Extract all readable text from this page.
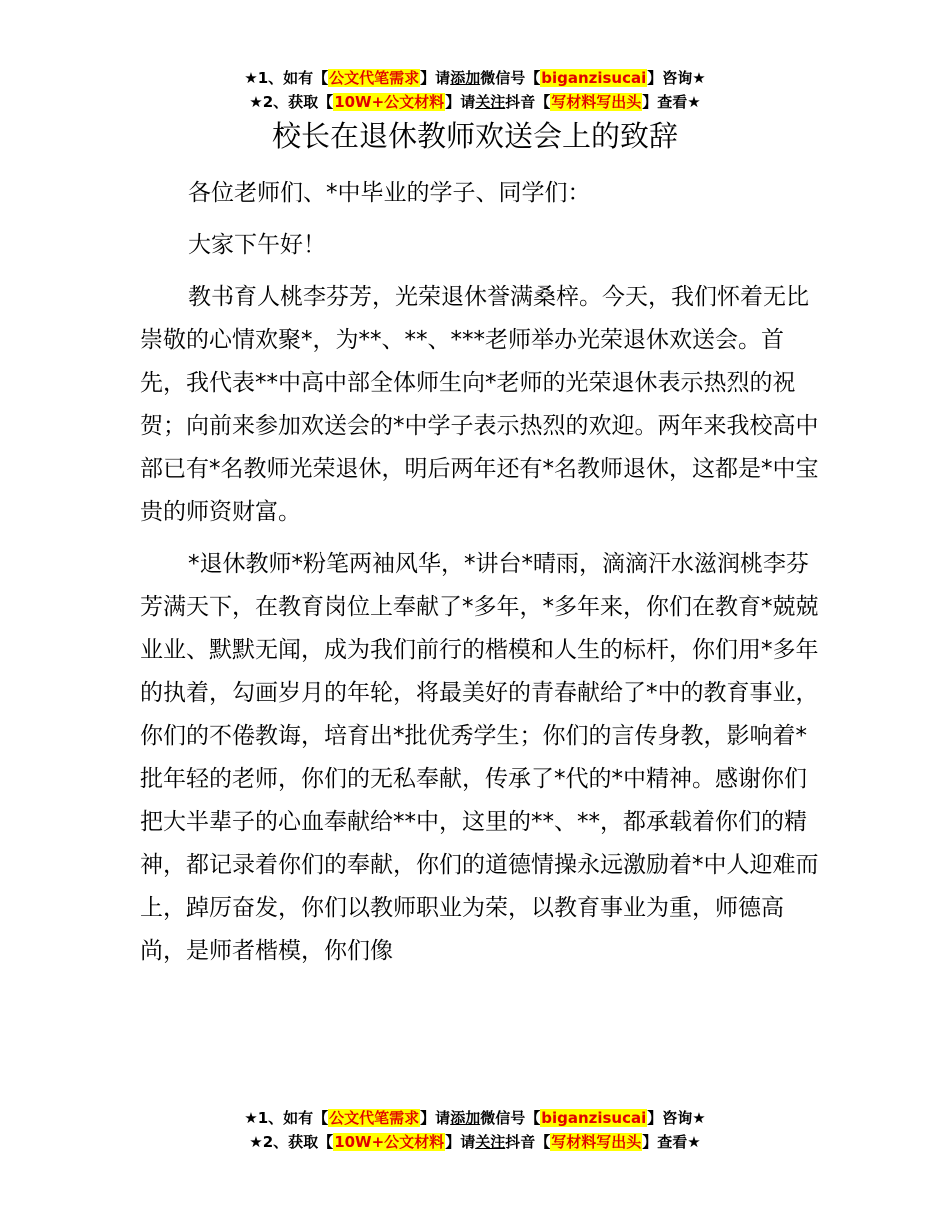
★1、如有【公文代笔需求】请添加微信号【biganzisucai】咨询★
★2、获取【10W+公文材料】请关注抖音【写材料写出头】查看★
校长在退休教师欢送会上的致辞

各位老师们、*中毕业的学子、同学们：

大家下午好！

教书育人桃李芬芳，光荣退休誉满桑梓。今天，我们怀着无比崇敬的心情欢聚*，为**、**、***老师举办光荣退休欢送会。首先，我代表**中高中部全体师生向*老师的光荣退休表示热烈的祝贺；向前来参加欢送会的*中学子表示热烈的欢迎。两年来我校高中部已有*名教师光荣退休，明后两年还有*名教师退休，这都是*中宝贵的师资财富。

*退休教师*粉笔两袖风华，*讲台*晴雨，滴滴汗水滋润桃李芬芳满天下，在教育岗位上奉献了*多年，*多年来，你们在教育*兢兢业业、默默无闻，成为我们前行的楷模和人生的标杆，你们用*多年的执着，勾画岁月的年轮，将最美好的青春献给了*中的教育事业，你们的不倦教诲，培育出*批优秀学生；你们的言传身教，影响着*批年轻的老师，你们的无私奉献，传承了*代的*中精神。感谢你们把大半辈子的心血奉献给**中，这里的**、**，都承载着你们的精神，都记录着你们的奉献，你们的道德情操永远激励着*中人迎难而上，踔厉奋发，你们以教师职业为荣，以教育事业为重，师德高尚，是师者楷模，你们像

★1、如有【公文代笔需求】请添加微信号【biganzisucai】咨询★
★2、获取【10W+公文材料】请关注抖音【写材料写出头】查看★
